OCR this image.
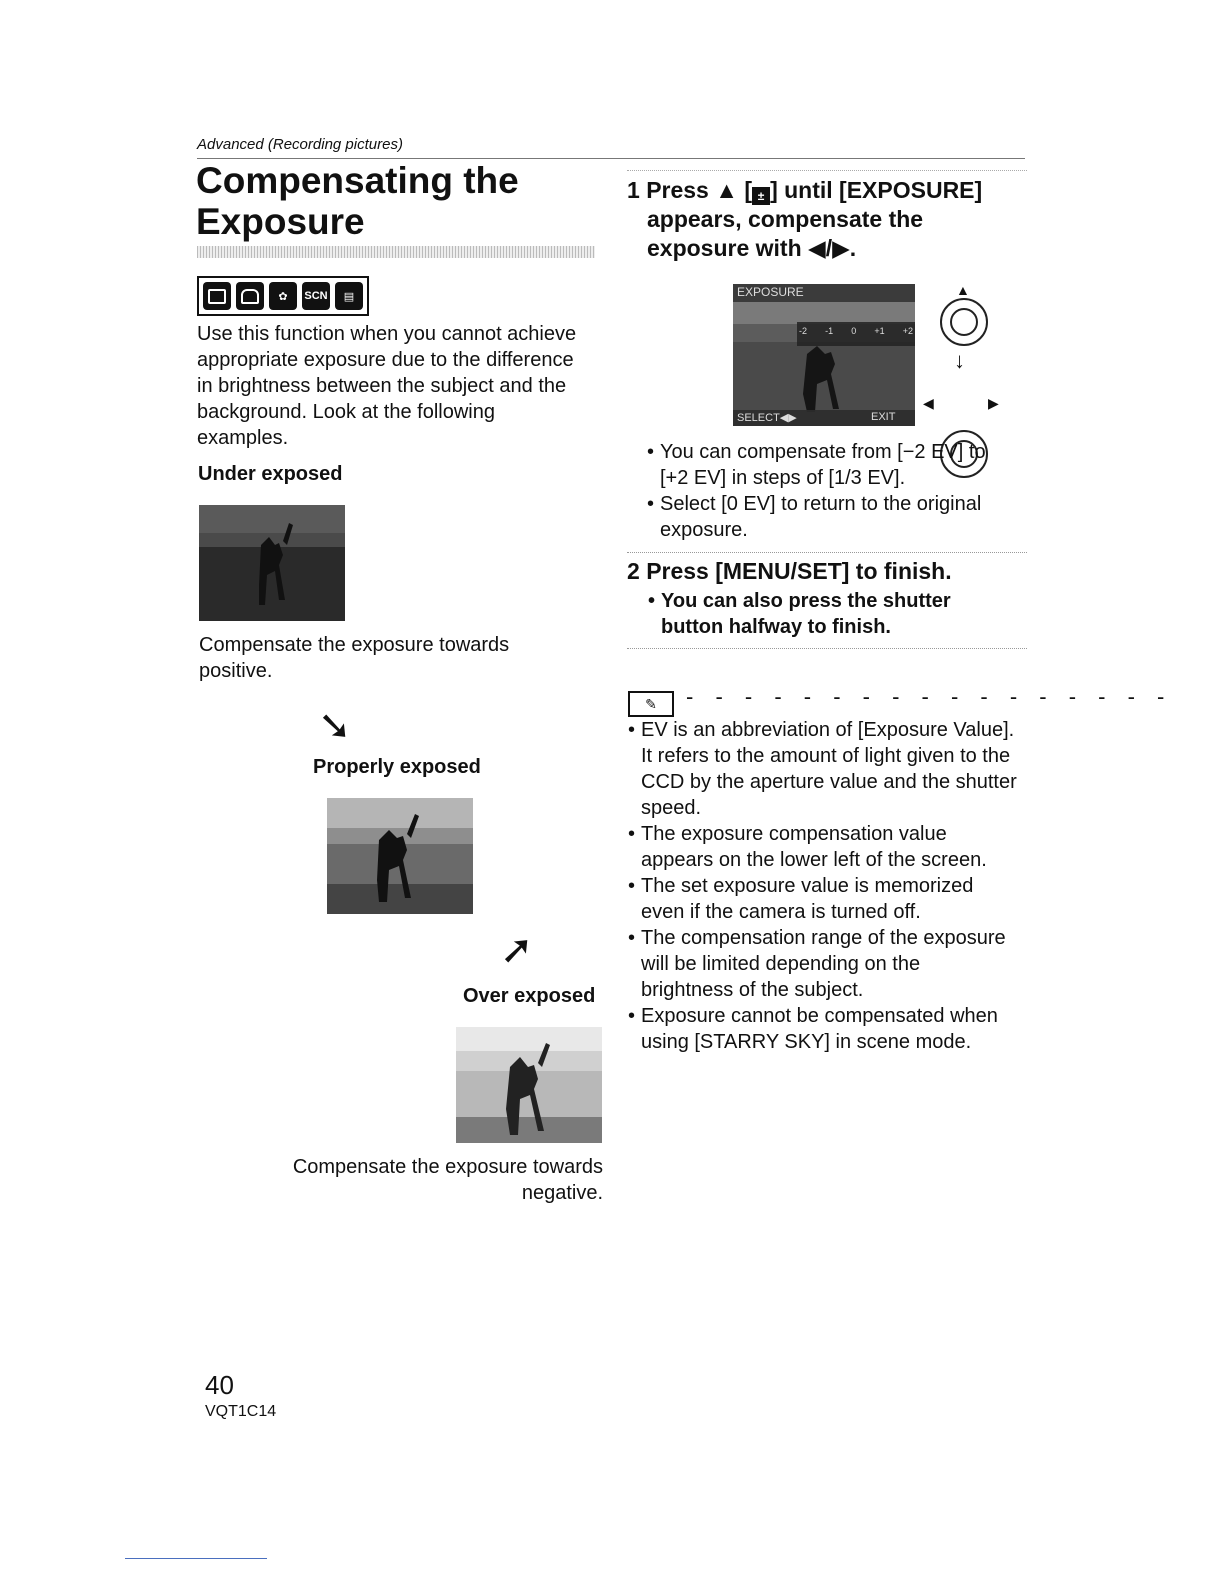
Advanced (Recording pictures)
Compensating the
Exposure
✿	SCN	▤
Use this function when you cannot achieve
appropriate exposure due to the difference
in brightness between the subject and the
background. Look at the following
examples.
Under exposed
Compensate the exposure towards
positive.
➘
Properly exposed
➚
Over exposed
Compensate the exposure towards
negative.
1 Press ▲ [ ± ] until [EXPOSURE]
appears, compensate the
exposure with ◀/▶.
EXPOSURE
-2 -1 0 +1 +2
SELECT◀▶	EXIT
▲
↓
◀	▶
• You can compensate from [−2 EV] to
[+2 EV] in steps of [1/3 EV].
• Select [0 EV] to return to the original
exposure.
2 Press [MENU/SET] to finish.
• You can also press the shutter
button halfway to finish.
✎	- - - - - - - - - - - - - - - - -
• EV is an abbreviation of [Exposure Value].
It refers to the amount of light given to the
CCD by the aperture value and the shutter
speed.
• The exposure compensation value
appears on the lower left of the screen.
• The set exposure value is memorized
even if the camera is turned off.
• The compensation range of the exposure
will be limited depending on the
brightness of the subject.
• Exposure cannot be compensated when
using [STARRY SKY] in scene mode.
40
VQT1C14
